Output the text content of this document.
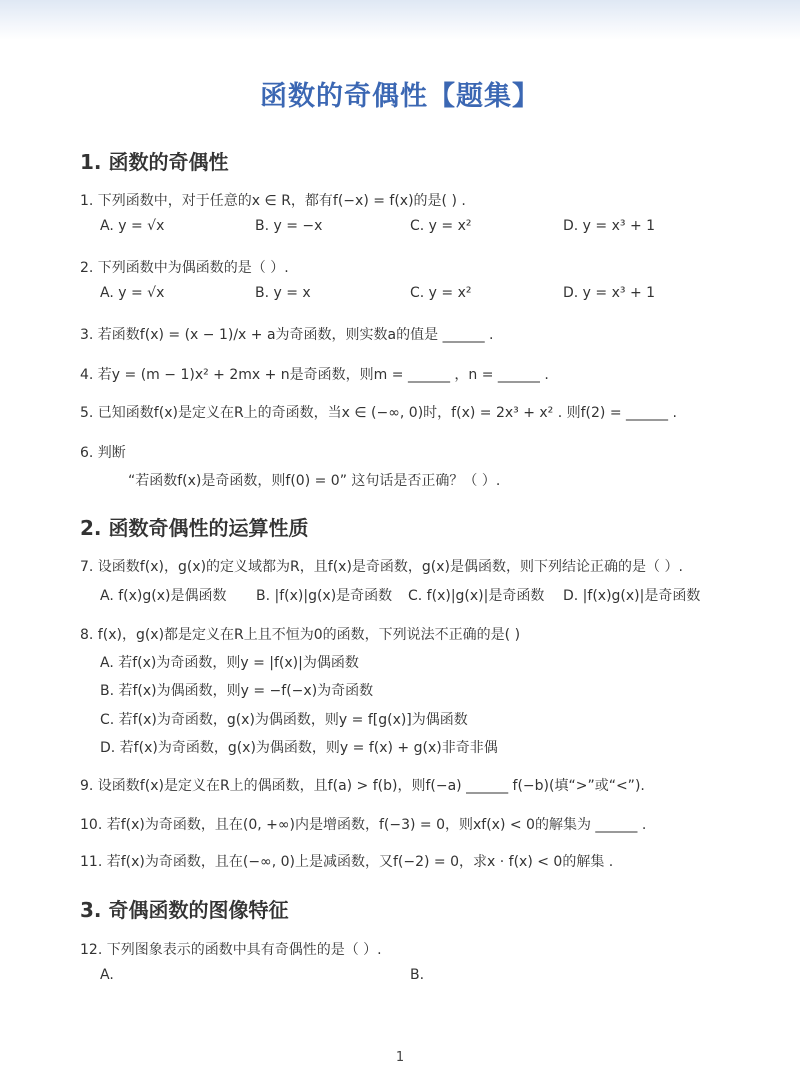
函数的奇偶性【题集】
1. 函数的奇偶性
2. 函数奇偶性的运算性质
3. 奇偶函数的图像特征
1. 下列函数中，对于任意的x ∈ R，都有f(−x) = f(x)的是( ) .
A. y = √x	B. y = −x	C. y = x²	D. y = x³ + 1
2. 下列函数中为偶函数的是（ ）.
A. y = √x	B. y = x	C. y = x²	D. y = x³ + 1
3. 若函数f(x) = (x − 1)/x + a为奇函数，则实数a的值是 ______ .
4. 若y = (m − 1)x² + 2mx + n是奇函数，则m = ______ ，n = ______ .
5. 已知函数f(x)是定义在R上的奇函数，当x ∈ (−∞, 0)时，f(x) = 2x³ + x² . 则f(2) = ______ .
6. 判断
“若函数f(x)是奇函数，则f(0) = 0” 这句话是否正确？（ ）.
7. 设函数f(x)，g(x)的定义域都为R，且f(x)是奇函数，g(x)是偶函数，则下列结论正确的是（ ）.
A. f(x)g(x)是偶函数 B. |f(x)|g(x)是奇函数 C. f(x)|g(x)|是奇函数 D. |f(x)g(x)|是奇函数
8. f(x)，g(x)都是定义在R上且不恒为0的函数，下列说法不正确的是( )
A. 若f(x)为奇函数，则y = |f(x)|为偶函数
B. 若f(x)为偶函数，则y = −f(−x)为奇函数
C. 若f(x)为奇函数，g(x)为偶函数，则y = f[g(x)]为偶函数
D. 若f(x)为奇函数，g(x)为偶函数，则y = f(x) + g(x)非奇非偶
9. 设函数f(x)是定义在R上的偶函数，且f(a) > f(b)，则f(−a) ______ f(−b)(填“>”或“<”).
10. 若f(x)为奇函数，且在(0, +∞)内是增函数，f(−3) = 0，则xf(x) < 0的解集为 ______ .
11. 若f(x)为奇函数，且在(−∞, 0)上是减函数，又f(−2) = 0，求x · f(x) < 0的解集 .
12. 下列图象表示的函数中具有奇偶性的是（ ）.
A.	B.
1
